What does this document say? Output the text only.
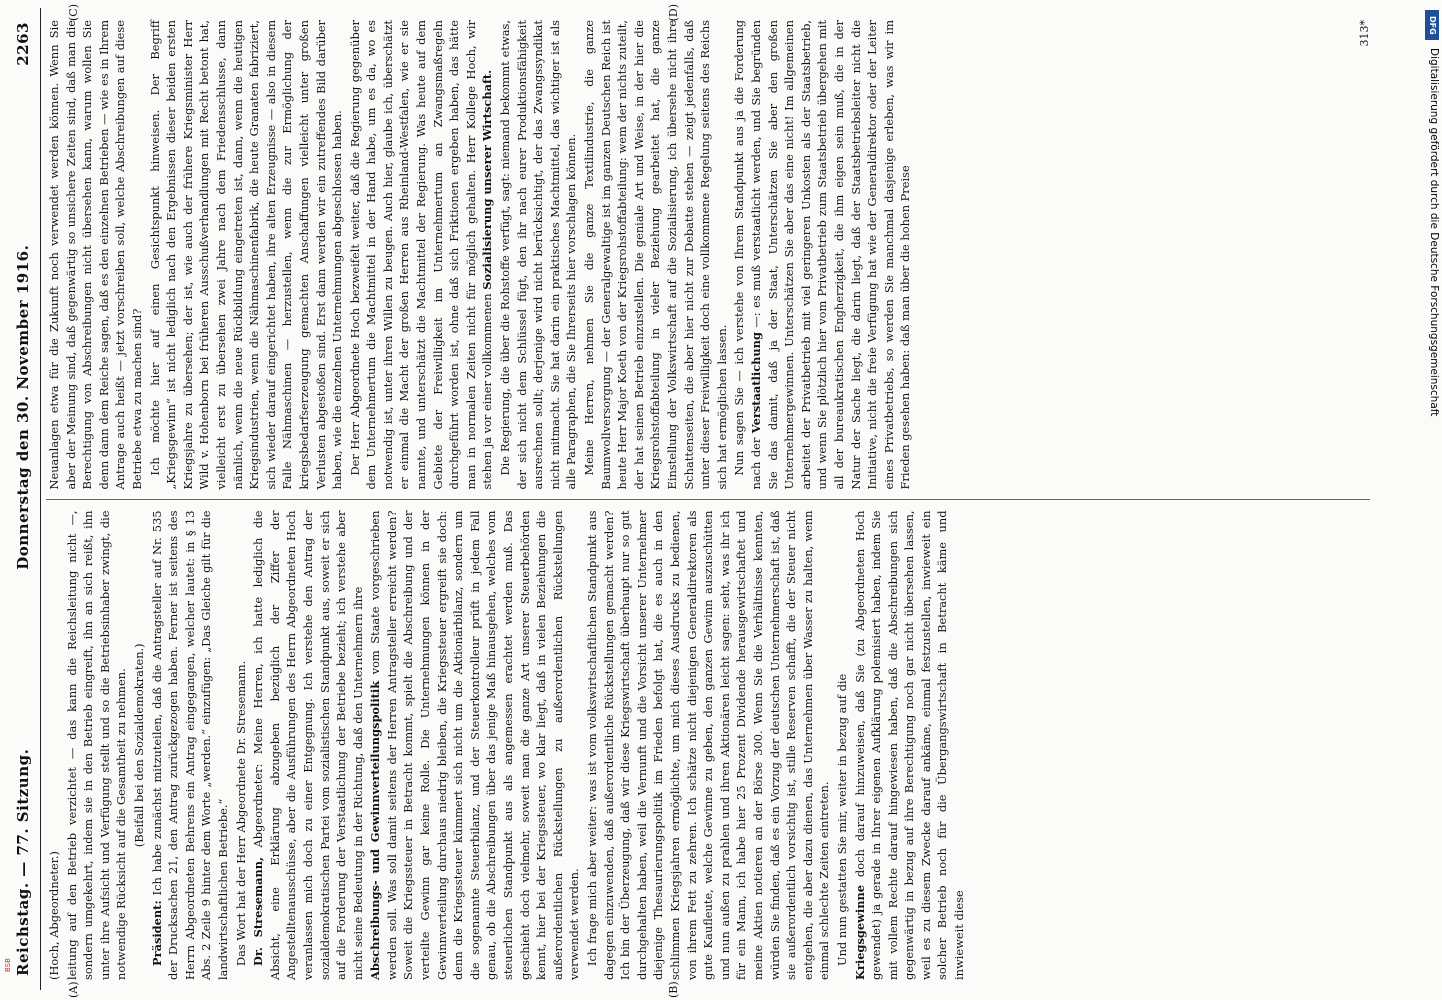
Reichstag. — 77. Sitzung.
Donnerstag den 30. November 1916.
2263
(A)	(B)

(Hoch, Abgeordneter.) leitung auf den Betrieb verzichtet — das kann die Reichsleitung nicht —, sondern umgekehrt, indem sie in den Betrieb eingreift, ihn an sich reißt, ihn unter ihre Aufsicht und Verfügung stellt und so die Betriebsinhaber zwingt, die notwendige Rücksicht auf die Gesamtheit zu nehmen. (Beifall bei den Sozialdemokraten.)

Präsident: Ich habe zunächst mitzuteilen, daß die Antragsteller auf Nr. 535 der Drucksachen 21, den Antrag zurückgezogen haben. Ferner ist seitens des Herrn Abgeordneten Behrens ein Antrag eingegangen, welcher lautet: in § 13 Abs. 2 Zeile 9 hinter dem Worte „werden.“ einzufügen: „Das Gleiche gilt für die landwirtschaftlichen Betriebe.“ Das Wort hat der Herr Abgeordnete Dr. Stresemann. Dr. Stresemann, Abgeordneter: Meine Herren, ich hatte lediglich die Absicht, eine Erklärung abzugeben bezüglich der Ziffer der Angestelltenausschüsse, aber die Ausführungen des Herrn Abgeordneten Hoch veranlassen mich doch zu einer Entgegnung. Ich verstehe den Antrag der sozialdemokratischen Partei vom sozialistischen Standpunkt aus, soweit er sich auf die Forderung der Verstaatlichung der Betriebe bezieht; ich verstehe aber nicht seine Bedeutung in der Richtung, daß den Unternehmern ihre Abschreibungs- und Gewinnverteilungspolitik vom Staate vorgeschrieben werden soll. Was soll damit seitens der Herren Antragsteller erreicht werden? Soweit die Kriegssteuer in Betracht kommt, spielt die Abschreibung und der verteilte Gewinn gar keine Rolle. Die Unternehmungen können in der Gewinnverteilung durchaus niedrig bleiben, die Kriegssteuer ergreift sie doch: denn die Kriegssteuer kümmert sich nicht um die Aktionärbilanz, sondern um die sogenannte Steuerbilanz, und der Steuerkontrolleur prüft in jedem Fall genau, ob die Abschreibungen über das jenige Maß hinausgehen, welches vom steuerlichen Standpunkt aus als angemessen erachtet werden muß. Das geschieht doch vielmehr, soweit man die ganze Art unserer Steuerbehörden kennt, hier bei der Kriegssteuer, wo klar liegt, daß in vielen Beziehungen die außerordentlichen Rückstellungen zu außerordentlichen Rückstellungen verwendet werden. Ich frage mich aber weiter: was ist vom volkswirtschaftlichen Standpunkt aus dagegen einzuwenden, daß außerordentliche Rückstellungen gemacht werden? Ich bin der Überzeugung, daß wir diese Kriegswirtschaft überhaupt nur so gut durchgehalten haben, weil die Vernunft und die Vorsicht unserer Unternehmer diejenige Thesaurierungspolitik im Frieden befolgt hat, die es auch in den schlimmen Kriegsjahren ermöglichte, um mich dieses Ausdrucks zu bedienen, von ihrem Fett zu zehren. Ich schätze nicht diejenigen Generaldirektoren als gute Kaufleute, welche Gewinne zu geben, den ganzen Gewinn auszuschütten und nun außen zu prahlen und ihren Aktionären leicht sagen: seht, was ihr ich für ein Mann, ich habe hier 25 Prozent Dividende herausgewirtschaftet und meine Aktien notieren an der Börse 300. Wenn Sie die Verhältnisse kennten, würden Sie finden, daß es ein Vorzug der deutschen Unternehmerschaft ist, daß sie außerordentlich vorsichtig ist, stille Reserven schafft, die der Steuer nicht entgehen, die aber dazu dienen, das Unternehmen über Wasser zu halten, wenn einmal schlechte Zeiten eintreten. Und nun gestatten Sie mir, weiter in bezug auf die Kriegsgewinne doch darauf hinzuweisen, daß Sie (zu Abgeordneten Hoch gewendet) ja gerade in Ihrer eigenen Aufklärung polemisiert haben, indem Sie mit vollem Rechte darauf hingewiesen haben, daß die Abschreibungen sich gegenwärtig in bezug auf ihre Berechtigung noch gar nicht übersehen lassen, weil es zu diesem Zwecke darauf ankäme, einmal festzustellen, inwieweit ein solcher Betrieb noch für die Übergangswirtschaft in Betracht käme und inwieweit diese

(C)	(D)

Neuanlagen etwa für die Zukunft noch verwendet werden können. Wenn Sie aber der Meinung sind, daß gegenwärtig so unsichere Zeiten sind, daß man die Berechtigung von Abschreibungen nicht übersehen kann, warum wollen Sie denn dann dem Reiche sagen, daß es den einzelnen Betrieben — wie es in Ihrem Antrage auch heißt — jetzt vorschreiben soll, welche Abschreibungen auf diese Betriebe etwa zu machen sind? Ich möchte hier auf einen Gesichtspunkt hinweisen. Der Begriff „Kriegsgewinn“ ist nicht lediglich nach den Ergebnissen dieser beiden ersten Kriegsjahre zu übersehen; der ist, wie auch der frühere Kriegsminister Herr Wild v. Hohenborn bei früheren Ausschußverhandlungen mit Recht betont hat, vielleicht erst zu übersehen zwei Jahre nach dem Friedensschlusse, dann nämlich, wenn die neue Rückbildung eingetreten ist, dann, wenn die heutigen Kriegsindustrien, wenn die Nähmaschinenfabrik, die heute Granaten fabriziert, sich wieder darauf eingerichtet haben, ihre alten Erzeugnisse — also in diesem Falle Nähmaschinen — herzustellen, wenn die zur Ermöglichung der kriegsbedarfserzeugung gemachten Anschaffungen vielleicht unter großen Verlusten abgestoßen sind. Erst dann werden wir ein zutreffendes Bild darüber haben, wie die einzelnen Unternehmungen abgeschlossen haben. Der Herr Abgeordnete Hoch bezweifelt weiter, daß die Regierung gegenüber dem Unternehmertum die Machtmittel in der Hand habe, um es da, wo es notwendig ist, unter ihren Willen zu beugen. Auch hier, glaube ich, überschätzt er einmal die Macht der großen Herren aus Rheinland-Westfalen, wie er sie nannte, und unterschätzt die Machtmittel der Regierung. Was heute auf dem Gebiete der Freiwilligkeit im Unternehmertum an Zwangsmaßregeln durchgeführt worden ist, ohne daß sich Friktionen ergeben haben, das hätte man in normalen Zeiten nicht für möglich gehalten. Herr Kollege Hoch, wir stehen ja vor einer vollkommenen Sozialisierung unserer Wirtschaft. Die Regierung, die über die Rohstoffe verfügt, sagt: niemand bekommt etwas, der sich nicht dem Schlüssel fügt, den ihr nach eurer Produktionsfähigkeit ausrechnen sollt; derjenige wird nicht berücksichtigt, der das Zwangssyndikat nicht mitmacht. Sie hat darin ein praktisches Machtmittel, das wichtiger ist als alle Paragraphen, die Sie Ihrerseits hier vorschlagen können. Meine Herren, nehmen Sie die ganze Textilindustrie, die ganze Baumwollversorgung — der Generalgewaltige ist im ganzen Deutschen Reich ist heute Herr Major Koeth von der Kriegsrohstoffabteilung: wem der nichts zuteilt, der hat seinen Betrieb einzustellen. Die geniale Art und Weise, in der hier die Kriegsrohstoffabteilung in vieler Beziehung gearbeitet hat, die ganze Einstellung der Volkswirtschaft auf die Sozialisierung, ich übersehe nicht ihre Schattenseiten, die aber hier nicht zur Debatte stehen — zeigt jedenfalls, daß unter dieser Freiwilligkeit doch eine vollkommene Regelung seitens des Reichs sich hat ermöglichen lassen. Nun sagen Sie — ich verstehe von Ihrem Standpunkt aus ja die Forderung nach der Verstaatlichung —: es muß verstaatlicht werden, und Sie begründen Sie das damit, daß ja der Staat, Unterschätzen Sie aber den großen Unternehmergewinnen. Unterschätzen Sie aber das eine nicht! Im allgemeinen arbeitet der Privatbetrieb mit viel geringeren Unkosten als der Staatsbetrieb, und wenn Sie plötzlich hier vom Privatbetrieb zum Staatsbetrieb übergehen mit all der bureaukratischen Engherzigkeit, die ihm eigen sein muß, die in der Natur der Sache liegt, die darin liegt, daß der Staatsbetriebsleiter nicht die Initiative, nicht die freie Verfügung hat wie der Generaldirektor oder der Leiter eines Privatbetriebs, so werden Sie manchmal dasjenige erleben, was wir im Frieden gesehen haben: daß man über die hohen Preise

313*	DFG
Digitalisierung gefördert durch die Deutsche Forschungsgemeinschaft
BSB
